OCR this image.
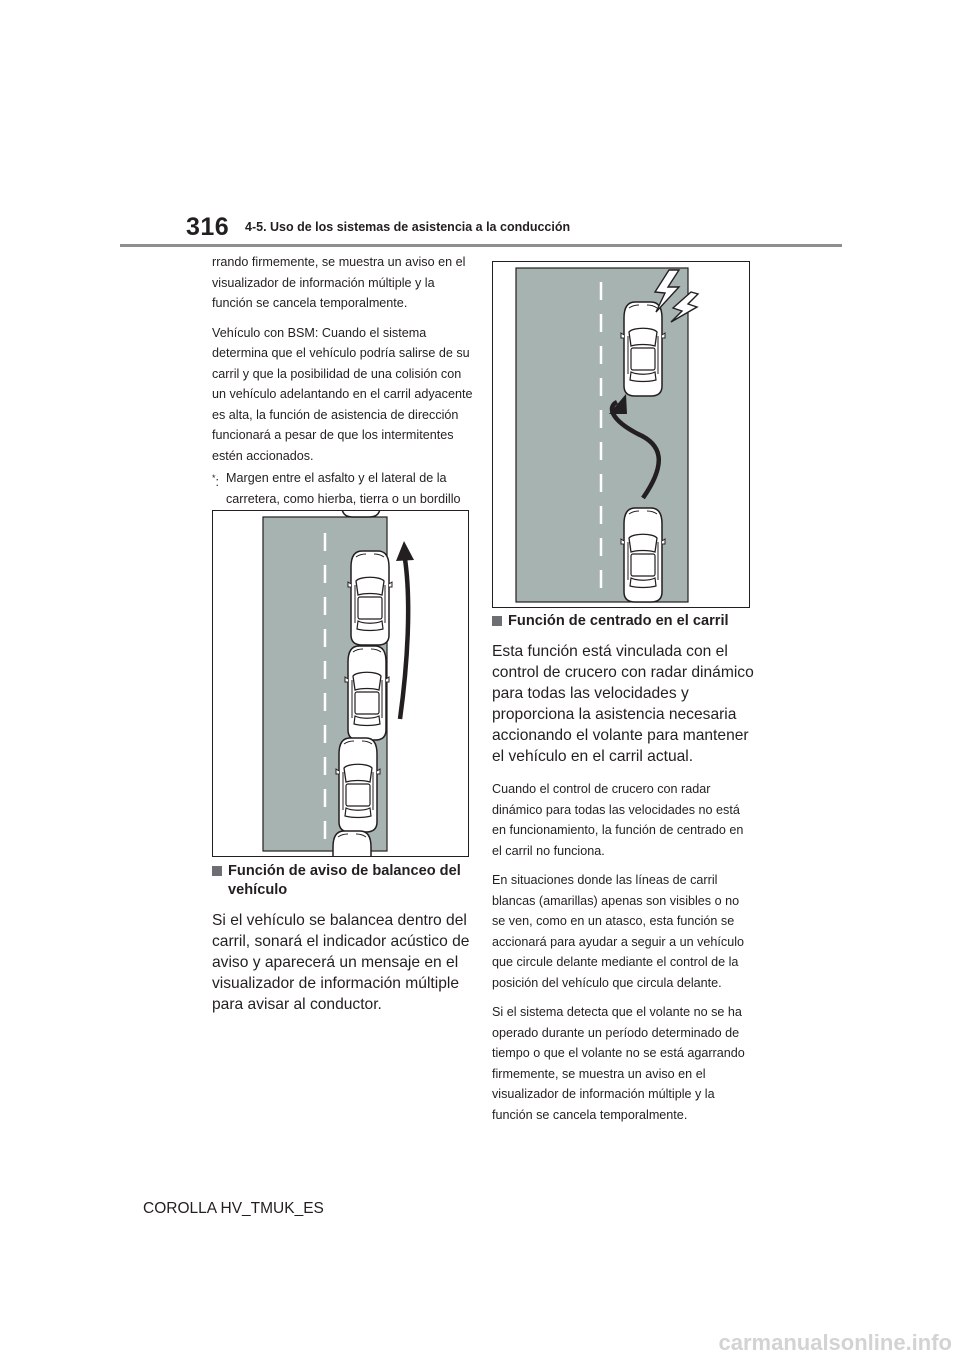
316 4-5. Uso de los sistemas de asistencia a la conducción

rrando firmemente, se muestra un aviso en el visualizador de información múltiple y la función se cancela temporalmente.

Vehículo con BSM: Cuando el sistema determina que el vehículo podría salirse de su carril y que la posibilidad de una colisión con un vehículo adelantando en el carril adyacente es alta, la función de asistencia de dirección funcionará a pesar de que los intermitentes estén accionados.

*: Margen entre el asfalto y el lateral de la carretera, como hierba, tierra o un bordillo
Función de aviso de balanceo del vehículo

Si el vehículo se balancea dentro del carril, sonará el indicador acústico de aviso y aparecerá un mensaje en el visualizador de información múltiple para avisar al conductor.

Función de centrado en el carril

Esta función está vinculada con el control de crucero con radar dinámico para todas las velocidades y proporciona la asistencia necesaria accionando el volante para mantener el vehículo en el carril actual.

Cuando el control de crucero con radar dinámico para todas las velocidades no está en funcionamiento, la función de centrado en el carril no funciona.

En situaciones donde las líneas de carril blancas (amarillas) apenas son visibles o no se ven, como en un atasco, esta función se accionará para ayudar a seguir a un vehículo que circule delante mediante el control de la posición del vehículo que circula delante.

Si el sistema detecta que el volante no se ha operado durante un período determinado de tiempo o que el volante no se está agarrando firmemente, se muestra un aviso en el visualizador de información múltiple y la función se cancela temporalmente.

COROLLA HV_TMUK_ES

carmanualsonline.info
